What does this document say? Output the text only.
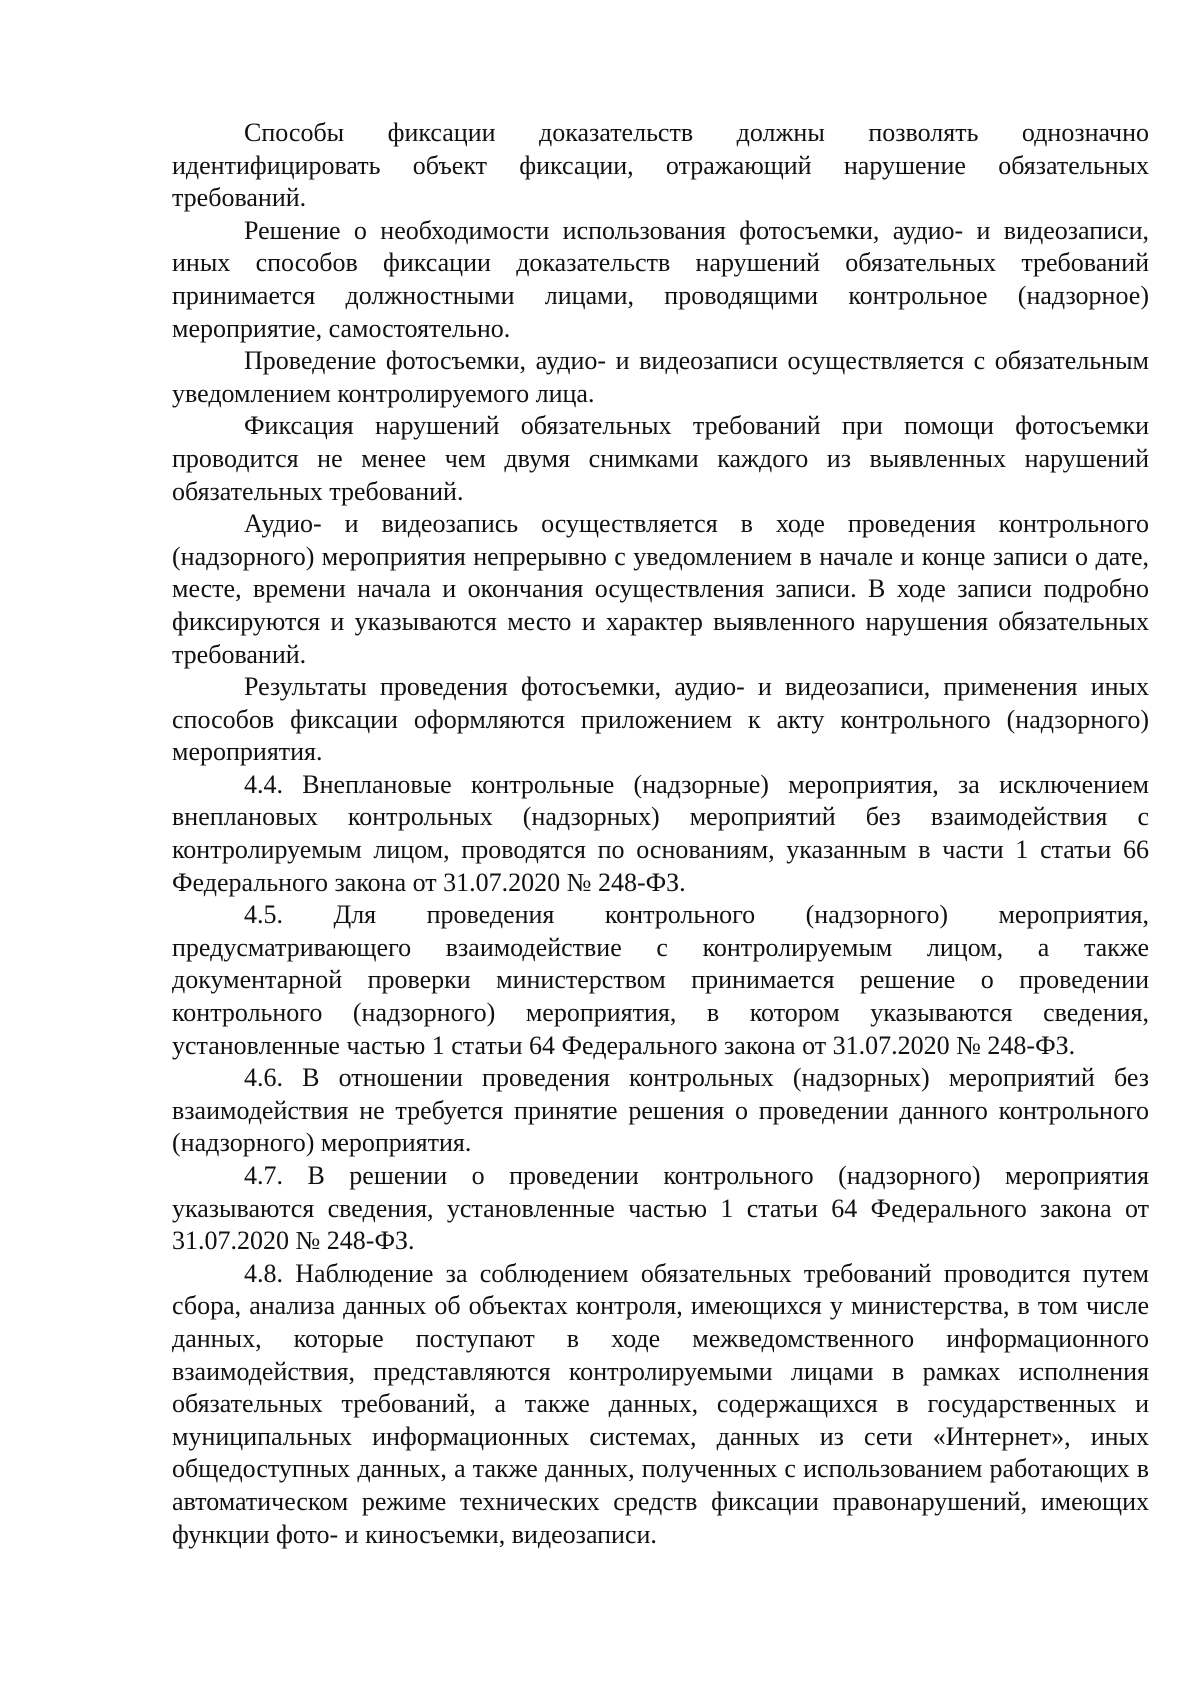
Способы фиксации доказательств должны позволять однозначно идентифицировать объект фиксации, отражающий нарушение обязательных требований.

Решение о необходимости использования фотосъемки, аудио- и видеозаписи, иных способов фиксации доказательств нарушений обязательных требований принимается должностными лицами, проводящими контрольное (надзорное) мероприятие, самостоятельно.

Проведение фотосъемки, аудио- и видеозаписи осуществляется с обязательным уведомлением контролируемого лица.

Фиксация нарушений обязательных требований при помощи фотосъемки проводится не менее чем двумя снимками каждого из выявленных нарушений обязательных требований.

Аудио- и видеозапись осуществляется в ходе проведения контрольного (надзорного) мероприятия непрерывно с уведомлением в начале и конце записи о дате, месте, времени начала и окончания осуществления записи. В ходе записи подробно фиксируются и указываются место и характер выявленного нарушения обязательных требований.

Результаты проведения фотосъемки, аудио- и видеозаписи, применения иных способов фиксации оформляются приложением к акту контрольного (надзорного) мероприятия.

4.4. Внеплановые контрольные (надзорные) мероприятия, за исключением внеплановых контрольных (надзорных) мероприятий без взаимодействия с контролируемым лицом, проводятся по основаниям, указанным в части 1 статьи 66 Федерального закона от 31.07.2020 № 248-ФЗ.

4.5. Для проведения контрольного (надзорного) мероприятия, предусматривающего взаимодействие с контролируемым лицом, а также документарной проверки министерством принимается решение о проведении контрольного (надзорного) мероприятия, в котором указываются сведения, установленные частью 1 статьи 64 Федерального закона от 31.07.2020 № 248-ФЗ.

4.6. В отношении проведения контрольных (надзорных) мероприятий без взаимодействия не требуется принятие решения о проведении данного контрольного (надзорного) мероприятия.

4.7. В решении о проведении контрольного (надзорного) мероприятия указываются сведения, установленные частью 1 статьи 64 Федерального закона от 31.07.2020 № 248-ФЗ.

4.8. Наблюдение за соблюдением обязательных требований проводится путем сбора, анализа данных об объектах контроля, имеющихся у министерства, в том числе данных, которые поступают в ходе межведомственного информационного взаимодействия, представляются контролируемыми лицами в рамках исполнения обязательных требований, а также данных, содержащихся в государственных и муниципальных информационных системах, данных из сети «Интернет», иных общедоступных данных, а также данных, полученных с использованием работающих в автоматическом режиме технических средств фиксации правонарушений, имеющих функции фото- и киносъемки, видеозаписи.
